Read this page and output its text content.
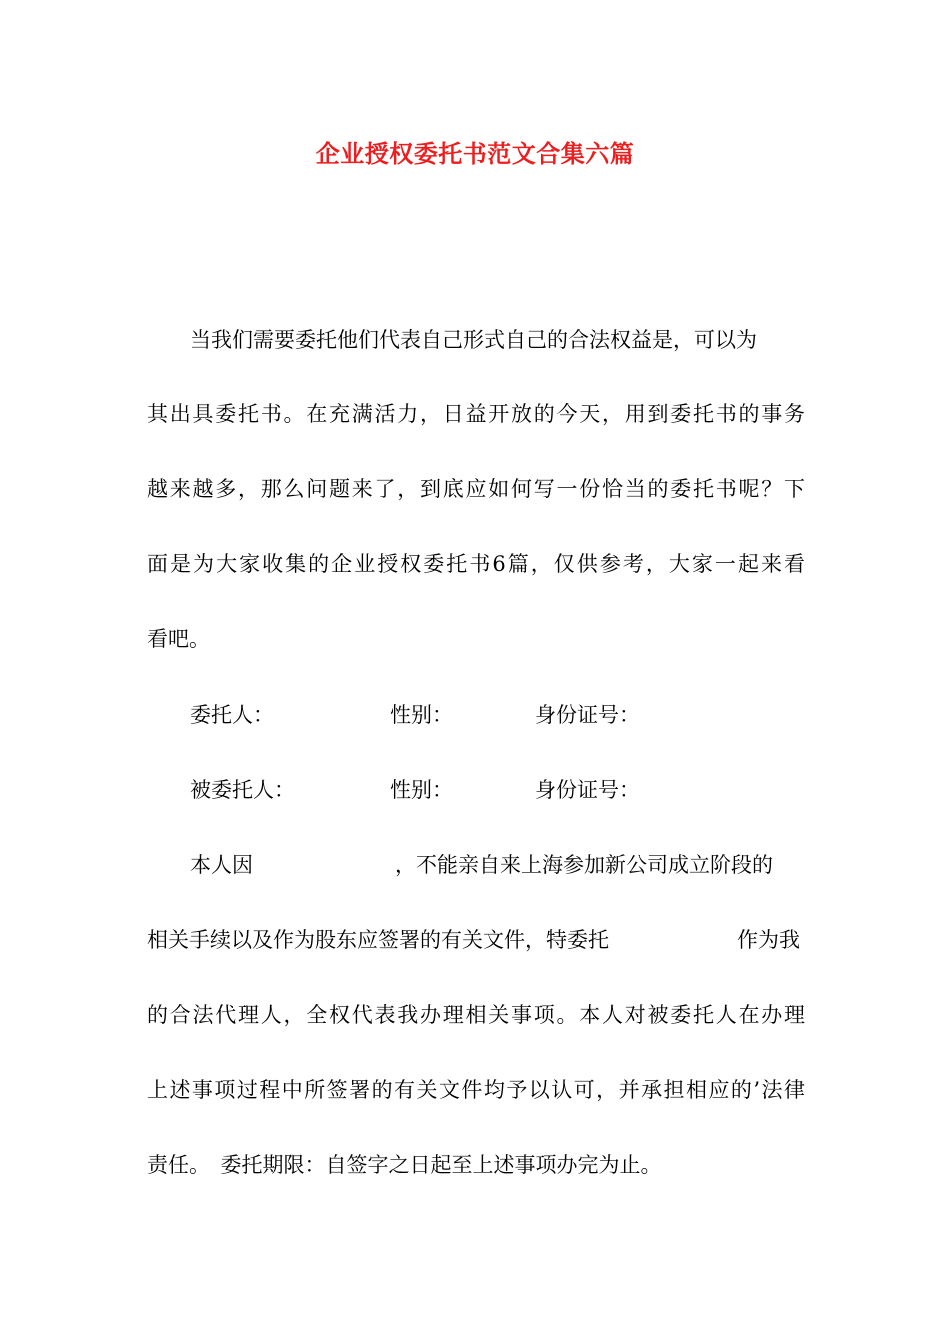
企业授权委托书范文合集六篇
当我们需要委托他们代表自己形式自己的合法权益是，可以为
其出具委托书。在充满活力，日益开放的今天，用到委托书的事务
越来越多，那么问题来了，到底应如何写一份恰当的委托书呢？下
面是为大家收集的企业授权委托书6篇，仅供参考，大家一起来看
看吧。
委托人：	性别：	身份证号：
被委托人：	性别：	身份证号：
本人因	，不能亲自来上海参加新公司成立阶段的
相关手续以及作为股东应签署的有关文件，特委托	作为我
的合法代理人，全权代表我办理相关事项。本人对被委托人在办理
上述事项过程中所签署的有关文件均予以认可，并承担相应的’法律
责任。　委托期限：自签字之日起至上述事项办完为止。
